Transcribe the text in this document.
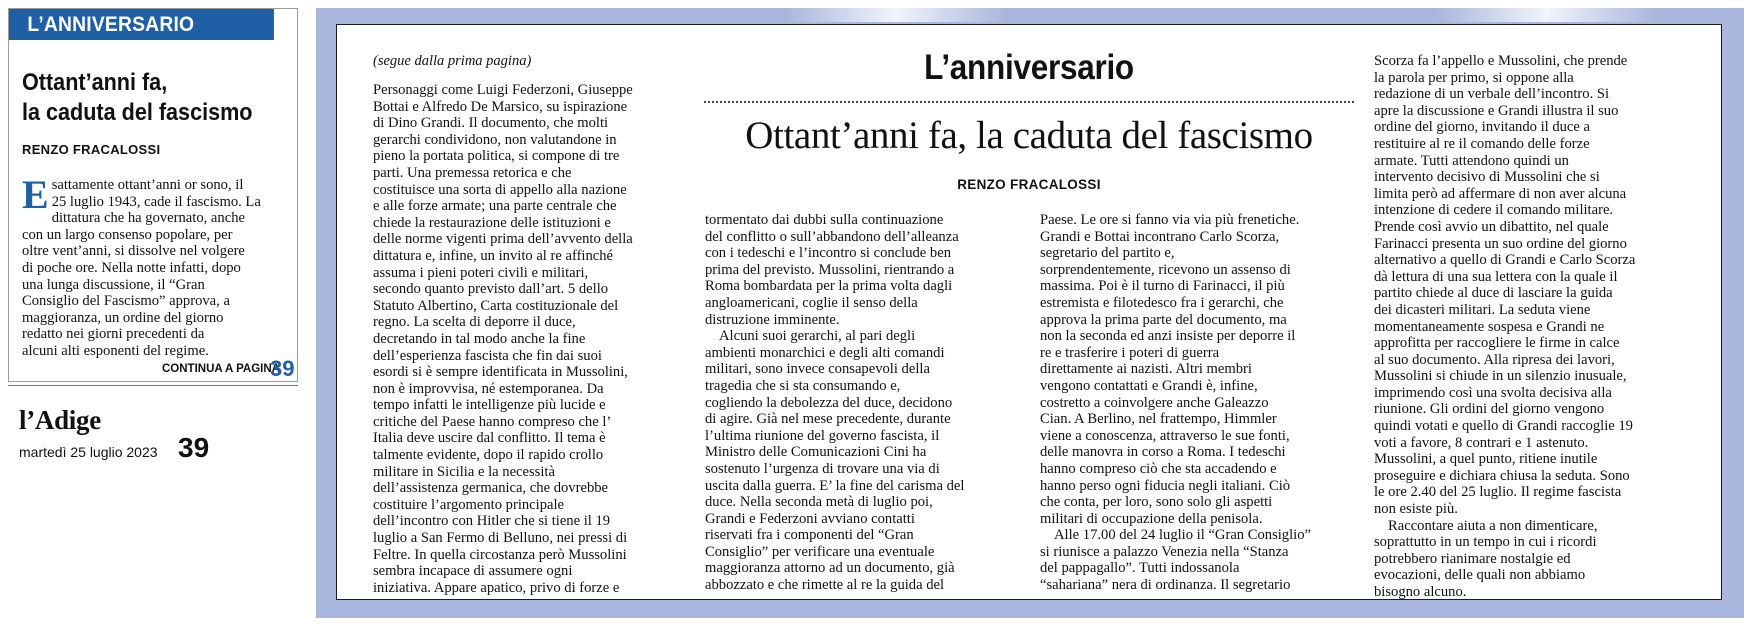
L’ANNIVERSARIO
Ottant’anni fa,
la caduta del fascismo
RENZO FRACALOSSI
E sattamente ottant’anni or sono, il
25 luglio 1943, cade il fascismo. La
dittatura che ha governato, anche
con un largo consenso popolare, per
oltre vent’anni, si dissolve nel volgere
di poche ore. Nella notte infatti, dopo
una lunga discussione, il “Gran
Consiglio del Fascismo” approva, a
maggioranza, un ordine del giorno
redatto nei giorni precedenti da
alcuni alti esponenti del regime.
CONTINUA A PAGINA
39
l’Adige
martedì 25 luglio 2023 39
(segue dalla prima pagina)	L’anniversario
Ottant’anni fa, la caduta del fascismo
RENZO FRACALOSSI
Personaggi come Luigi Federzoni, Giuseppe
Bottai e Alfredo De Marsico, su ispirazione
di Dino Grandi. Il documento, che molti
gerarchi condividono, non valutandone in
pieno la portata politica, si compone di tre
parti. Una premessa retorica e che
costituisce una sorta di appello alla nazione
e alle forze armate; una parte centrale che
chiede la restaurazione delle istituzioni e
delle norme vigenti prima dell’avvento della
dittatura e, infine, un invito al re affinché
assuma i pieni poteri civili e militari,
secondo quanto previsto dall’art. 5 dello
Statuto Albertino, Carta costituzionale del
regno. La scelta di deporre il duce,
decretando in tal modo anche la fine
dell’esperienza fascista che fin dai suoi
esordi si è sempre identificata in Mussolini,
non è improvvisa, né estemporanea. Da
tempo infatti le intelligenze più lucide e
critiche del Paese hanno compreso che l’
Italia deve uscire dal conflitto. Il tema è
talmente evidente, dopo il rapido crollo
militare in Sicilia e la necessità
dell’assistenza germanica, che dovrebbe
costituire l’argomento principale
dell’incontro con Hitler che si tiene il 19
luglio a San Fermo di Belluno, nei pressi di
Feltre. In quella circostanza però Mussolini
sembra incapace di assumere ogni
iniziativa. Appare apatico, privo di forze e
tormentato dai dubbi sulla continuazione
del conflitto o sull’abbandono dell’alleanza
con i tedeschi e l’incontro si conclude ben
prima del previsto. Mussolini, rientrando a
Roma bombardata per la prima volta dagli
angloamericani, coglie il senso della
distruzione imminente.
Alcuni suoi gerarchi, al pari degli
ambienti monarchici e degli alti comandi
militari, sono invece consapevoli della
tragedia che si sta consumando e,
cogliendo la debolezza del duce, decidono
di agire. Già nel mese precedente, durante
l’ultima riunione del governo fascista, il
Ministro delle Comunicazioni Cini ha
sostenuto l’urgenza di trovare una via di
uscita dalla guerra. E’ la fine del carisma del
duce. Nella seconda metà di luglio poi,
Grandi e Federzoni avviano contatti
riservati fra i componenti del “Gran
Consiglio” per verificare una eventuale
maggioranza attorno ad un documento, già
abbozzato e che rimette al re la guida del
Paese. Le ore si fanno via via più frenetiche.
Grandi e Bottai incontrano Carlo Scorza,
segretario del partito e,
sorprendentemente, ricevono un assenso di
massima. Poi è il turno di Farinacci, il più
estremista e filotedesco fra i gerarchi, che
approva la prima parte del documento, ma
non la seconda ed anzi insiste per deporre il
re e trasferire i poteri di guerra
direttamente ai nazisti. Altri membri
vengono contattati e Grandi è, infine,
costretto a coinvolgere anche Galeazzo
Cian. A Berlino, nel frattempo, Himmler
viene a conoscenza, attraverso le sue fonti,
delle manovra in corso a Roma. I tedeschi
hanno compreso ciò che sta accadendo e
hanno perso ogni fiducia negli italiani. Ciò
che conta, per loro, sono solo gli aspetti
militari di occupazione della penisola.
Alle 17.00 del 24 luglio il “Gran Consiglio”
si riunisce a palazzo Venezia nella “Stanza
del pappagallo”. Tutti indossanola
“sahariana” nera di ordinanza. Il segretario
Scorza fa l’appello e Mussolini, che prende
la parola per primo, si oppone alla
redazione di un verbale dell’incontro. Si
apre la discussione e Grandi illustra il suo
ordine del giorno, invitando il duce a
restituire al re il comando delle forze
armate. Tutti attendono quindi un
intervento decisivo di Mussolini che si
limita però ad affermare di non aver alcuna
intenzione di cedere il comando militare.
Prende così avvio un dibattito, nel quale
Farinacci presenta un suo ordine del giorno
alternativo a quello di Grandi e Carlo Scorza
dà lettura di una sua lettera con la quale il
partito chiede al duce di lasciare la guida
dei dicasteri militari. La seduta viene
momentaneamente sospesa e Grandi ne
approfitta per raccogliere le firme in calce
al suo documento. Alla ripresa dei lavori,
Mussolini si chiude in un silenzio inusuale,
imprimendo così una svolta decisiva alla
riunione. Gli ordini del giorno vengono
quindi votati e quello di Grandi raccoglie 19
voti a favore, 8 contrari e 1 astenuto.
Mussolini, a quel punto, ritiene inutile
proseguire e dichiara chiusa la seduta. Sono
le ore 2.40 del 25 luglio. Il regime fascista
non esiste più.
Raccontare aiuta a non dimenticare,
soprattutto in un tempo in cui i ricordi
potrebbero rianimare nostalgie ed
evocazioni, delle quali non abbiamo
bisogno alcuno.
